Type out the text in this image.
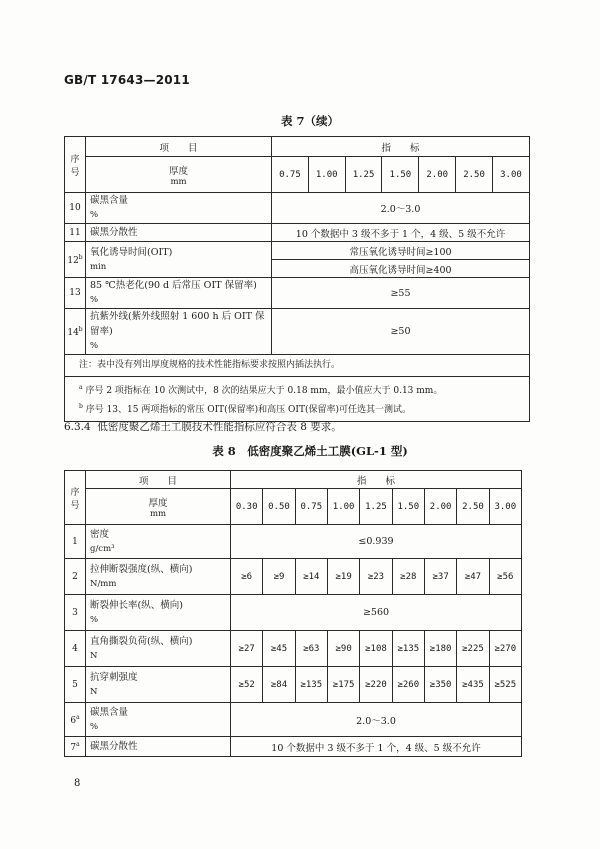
GB/T 17643—2011
表 7（续）
序号	项　　目	指　　标						
	厚度
mm	0.75	1.00	1.25	1.50	2.00	2.50	3.00
10	碳黑含量
%	2.0～3.0						
11	碳黑分散性	10 个数据中 3 级不多于 1 个，4 级、5 级不允许						
12$^b$	氧化诱导时间(OIT)
min	常压氧化诱导时间≥100						
		高压氧化诱导时间≥400						
13	85 ℃热老化(90 d 后常压 OIT 保留率)
%	≥55						
14$^b$	抗紫外线(紫外线照射 1 600 h 后 OIT 保留率)
%	≥50						
注：表中没有列出厚度规格的技术性能指标要求按照内插法执行。								

$^a$ 序号 2 项指标在 10 次测试中，8 次的结果应大于 0.18 mm，最小值应大于 0.13 mm。
$^b$ 序号 13、15 两项指标的常压 OIT(保留率)和高压 OIT(保留率)可任选其一测试。								
6.3.4 低密度聚乙烯土工膜技术性能指标应符合表 8 要求。
表 8　低密度聚乙烯土工膜(GL-1 型)
序号	项　　目	指　　标								
	厚度
mm	0.30	0.50	0.75	1.00	1.25	1.50	2.00	2.50	3.00
1	密度
g/cm³	≤0.939								
2	拉伸断裂强度(纵、横向)
N/mm	≥6	≥9	≥14	≥19	≥23	≥28	≥37	≥47	≥56
3	断裂伸长率(纵、横向)
%	≥560								
4	直角撕裂负荷(纵、横向)
N	≥27	≥45	≥63	≥90	≥108	≥135	≥180	≥225	≥270
5	抗穿刺强度
N	≥52	≥84	≥135	≥175	≥220	≥260	≥350	≥435	≥525
6$^a$	碳黑含量
%	2.0～3.0								
7$^a$	碳黑分散性	10 个数据中 3 级不多于 1 个，4 级、5 级不允许								
8
